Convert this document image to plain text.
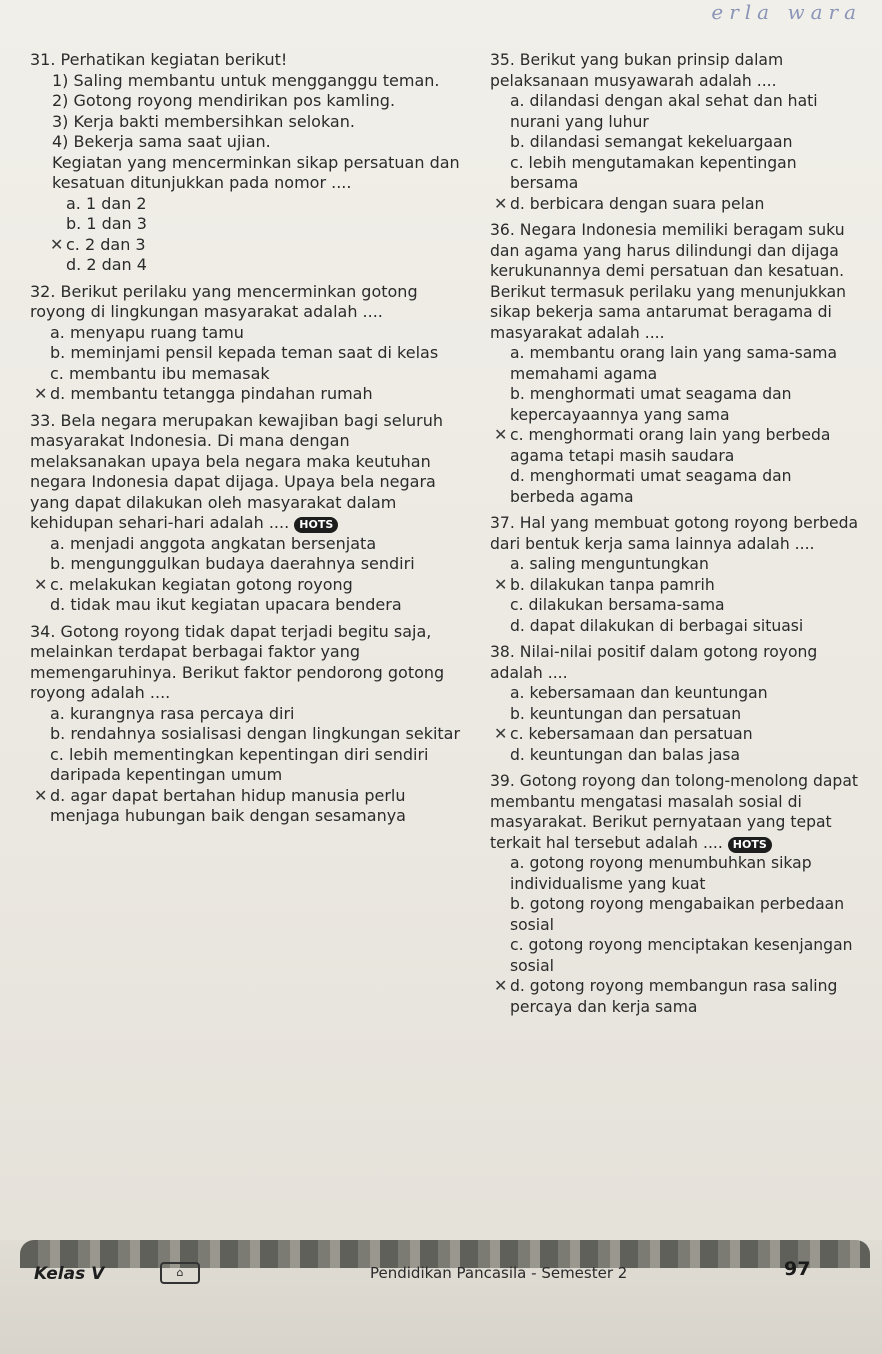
erla wara
31. Perhatikan kegiatan berikut!
1) Saling membantu untuk mengganggu teman.
2) Gotong royong mendirikan pos kamling.
3) Kerja bakti membersihkan selokan.
4) Bekerja sama saat ujian.
Kegiatan yang mencerminkan sikap persatuan dan kesatuan ditunjukkan pada nomor ....
a. 1 dan 2
b. 1 dan 3
✕ c. 2 dan 3
d. 2 dan 4
32. Berikut perilaku yang mencerminkan gotong royong di lingkungan masyarakat adalah ....
a. menyapu ruang tamu
b. meminjami pensil kepada teman saat di kelas
c. membantu ibu memasak
✕ d. membantu tetangga pindahan rumah
33. Bela negara merupakan kewajiban bagi seluruh masyarakat Indonesia. Di mana dengan melaksanakan upaya bela negara maka keutuhan negara Indonesia dapat dijaga. Upaya bela negara yang dapat dilakukan oleh masyarakat dalam kehidupan sehari-hari adalah .... HOTS
a. menjadi anggota angkatan bersenjata
b. mengunggulkan budaya daerahnya sendiri
✕ c. melakukan kegiatan gotong royong
d. tidak mau ikut kegiatan upacara bendera
34. Gotong royong tidak dapat terjadi begitu saja, melainkan terdapat berbagai faktor yang memengaruhinya. Berikut faktor pendorong gotong royong adalah ....
a. kurangnya rasa percaya diri
b. rendahnya sosialisasi dengan lingkungan sekitar
c. lebih mementingkan kepentingan diri sendiri daripada kepentingan umum
✕ d. agar dapat bertahan hidup manusia perlu menjaga hubungan baik dengan sesamanya
35. Berikut yang bukan prinsip dalam pelaksanaan musyawarah adalah ....
a. dilandasi dengan akal sehat dan hati nurani yang luhur
b. dilandasi semangat kekeluargaan
c. lebih mengutamakan kepentingan bersama
✕ d. berbicara dengan suara pelan
36. Negara Indonesia memiliki beragam suku dan agama yang harus dilindungi dan dijaga kerukunannya demi persatuan dan kesatuan. Berikut termasuk perilaku yang menunjukkan sikap bekerja sama antarumat beragama di masyarakat adalah ....
a. membantu orang lain yang sama-sama memahami agama
b. menghormati umat seagama dan kepercayaannya yang sama
✕ c. menghormati orang lain yang berbeda agama tetapi masih saudara
d. menghormati umat seagama dan berbeda agama
37. Hal yang membuat gotong royong berbeda dari bentuk kerja sama lainnya adalah ....
a. saling menguntungkan
✕ b. dilakukan tanpa pamrih
c. dilakukan bersama-sama
d. dapat dilakukan di berbagai situasi
38. Nilai-nilai positif dalam gotong royong adalah ....
a. kebersamaan dan keuntungan
b. keuntungan dan persatuan
✕ c. kebersamaan dan persatuan
d. keuntungan dan balas jasa
39. Gotong royong dan tolong-menolong dapat membantu mengatasi masalah sosial di masyarakat. Berikut pernyataan yang tepat terkait hal tersebut adalah .... HOTS
a. gotong royong menumbuhkan sikap individualisme yang kuat
b. gotong royong mengabaikan perbedaan sosial
c. gotong royong menciptakan kesenjangan sosial
✕ d. gotong royong membangun rasa saling percaya dan kerja sama
Kelas V	⌂	Pendidikan Pancasila - Semester 2	97
